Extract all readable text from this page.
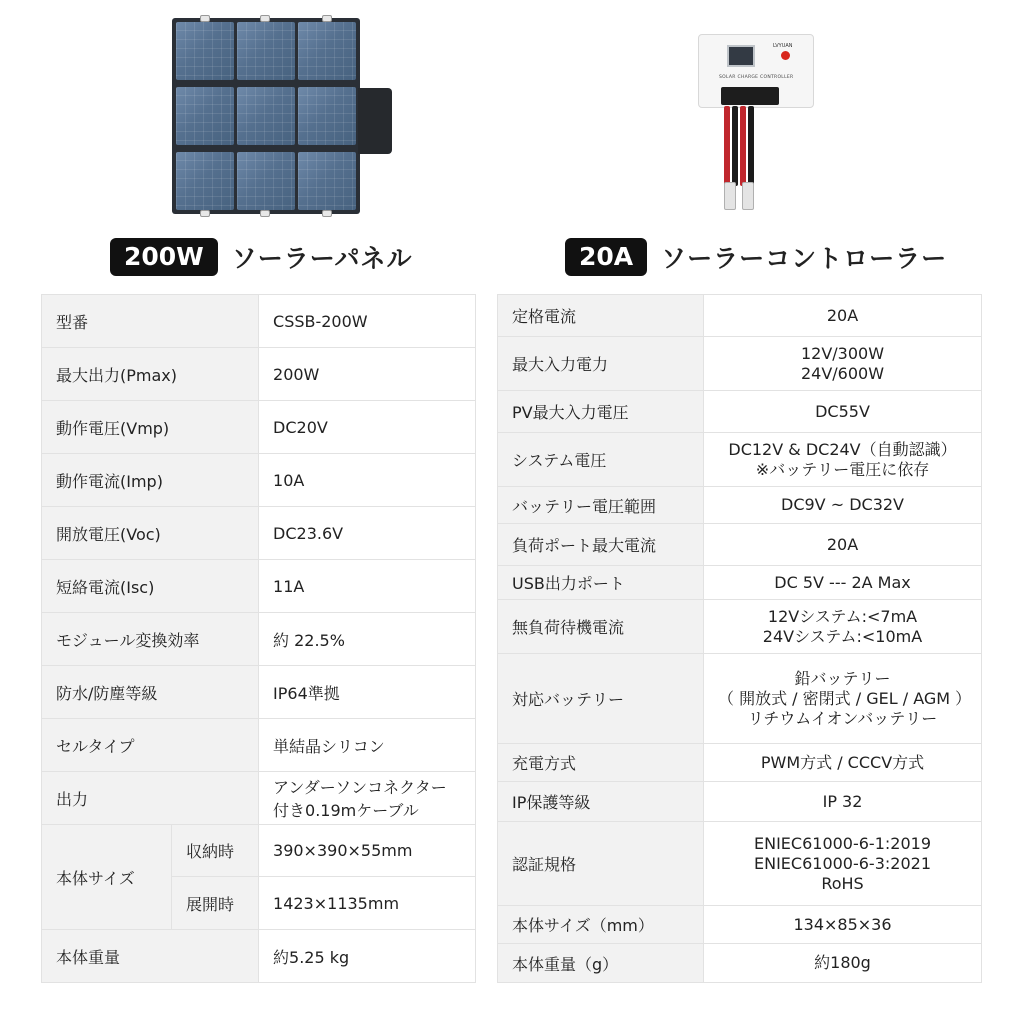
LVYUAN
SOLAR CHARGE CONTROLLER
200W	ソーラーパネル	20A	ソーラーコントローラー
型番		CSSB-200W
最大出力(Pmax)		200W
動作電圧(Vmp)		DC20V
動作電流(Imp)		10A
開放電圧(Voc)		DC23.6V
短絡電流(Isc)		11A
モジュール変換効率		約 22.5%
防水/防塵等級		IP64準拠
セルタイプ		単結晶シリコン
出力		アンダーソンコネクター
付き0.19mケーブル

本体サイズ	収納時	390×390×55mm
	展開時	1423×1135mm
本体重量		約5.25 kg
定格電流	20A

最大入力電力	12V/300W
24V/600W

PV最大入力電圧	DC55V

システム電圧	DC12V & DC24V（自動認識）
※バッテリー電圧に依存

バッテリー電圧範囲	DC9V ~ DC32V

負荷ポート最大電流	20A

USB出力ポート	DC 5V --- 2A Max

無負荷待機電流	12Vシステム:<7mA
24Vシステム:<10mA

対応バッテリー	鉛バッテリー
（ 開放式 / 密閉式 / GEL / AGM ）
リチウムイオンバッテリー

充電方式	PWM方式 / CCCV方式

IP保護等級	IP 32

認証規格	ENIEC61000-6-1:2019
ENIEC61000-6-3:2021
RoHS

本体サイズ（mm）	134×85×36

本体重量（g）	約180g
